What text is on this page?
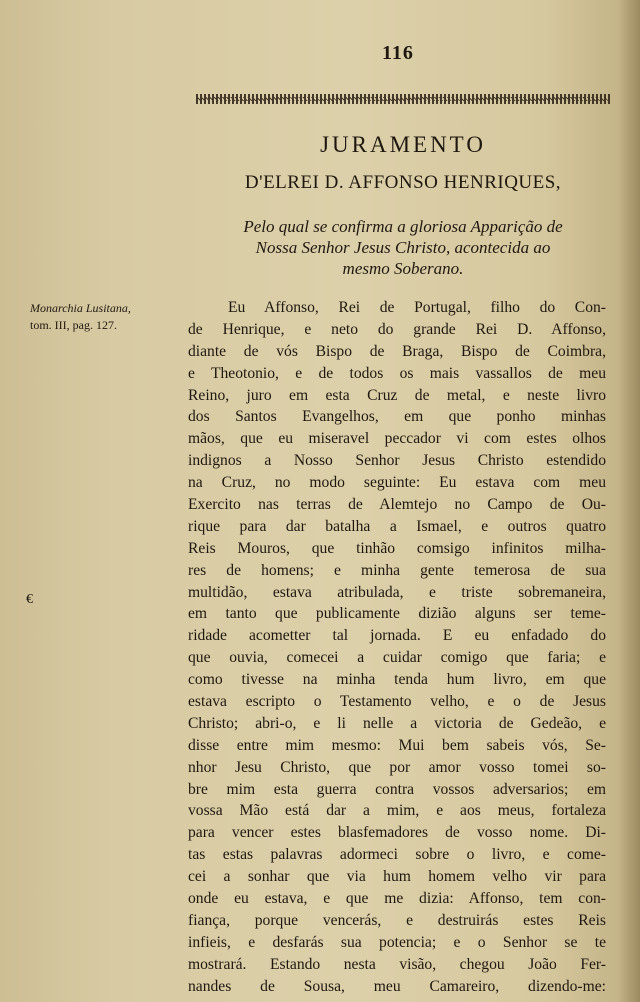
116
JURAMENTO
D'ELREI D. AFFONSO HENRIQUES,
Pelo qual se confirma a gloriosa Apparição de
Nossa Senhor Jesus Christo, acontecida ao
mesmo Soberano.
Monarchia Lusitana,
tom. III, pag. 127.
€
Eu Affonso, Rei de Portugal, filho do Con-
de Henrique, e neto do grande Rei D. Affonso,
diante de vós Bispo de Braga, Bispo de Coimbra,
e Theotonio, e de todos os mais vassallos de meu
Reino, juro em esta Cruz de metal, e neste livro
dos Santos Evangelhos, em que ponho minhas
mãos, que eu miseravel peccador vi com estes olhos
indignos a Nosso Senhor Jesus Christo estendido
na Cruz, no modo seguinte: Eu estava com meu
Exercito nas terras de Alemtejo no Campo de Ou-
rique para dar batalha a Ismael, e outros quatro
Reis Mouros, que tinhão comsigo infinitos milha-
res de homens; e minha gente temerosa de sua
multidão, estava atribulada, e triste sobremaneira,
em tanto que publicamente dizião alguns ser teme-
ridade acometter tal jornada. E eu enfadado do
que ouvia, comecei a cuidar comigo que faria; e
como tivesse na minha tenda hum livro, em que
estava escripto o Testamento velho, e o de Jesus
Christo; abri-o, e li nelle a victoria de Gedeão, e
disse entre mim mesmo: Mui bem sabeis vós, Se-
nhor Jesu Christo, que por amor vosso tomei so-
bre mim esta guerra contra vossos adversarios; em
vossa Mão está dar a mim, e aos meus, fortaleza
para vencer estes blasfemadores de vosso nome. Di-
tas estas palavras adormeci sobre o livro, e come-
cei a sonhar que via hum homem velho vir para
onde eu estava, e que me dizia: Affonso, tem con-
fiança, porque vencerás, e destruirás estes Reis
infieis, e desfarás sua potencia; e o Senhor se te
mostrará. Estando nesta visão, chegou João Fer-
nandes de Sousa, meu Camareiro, dizendo-me:
